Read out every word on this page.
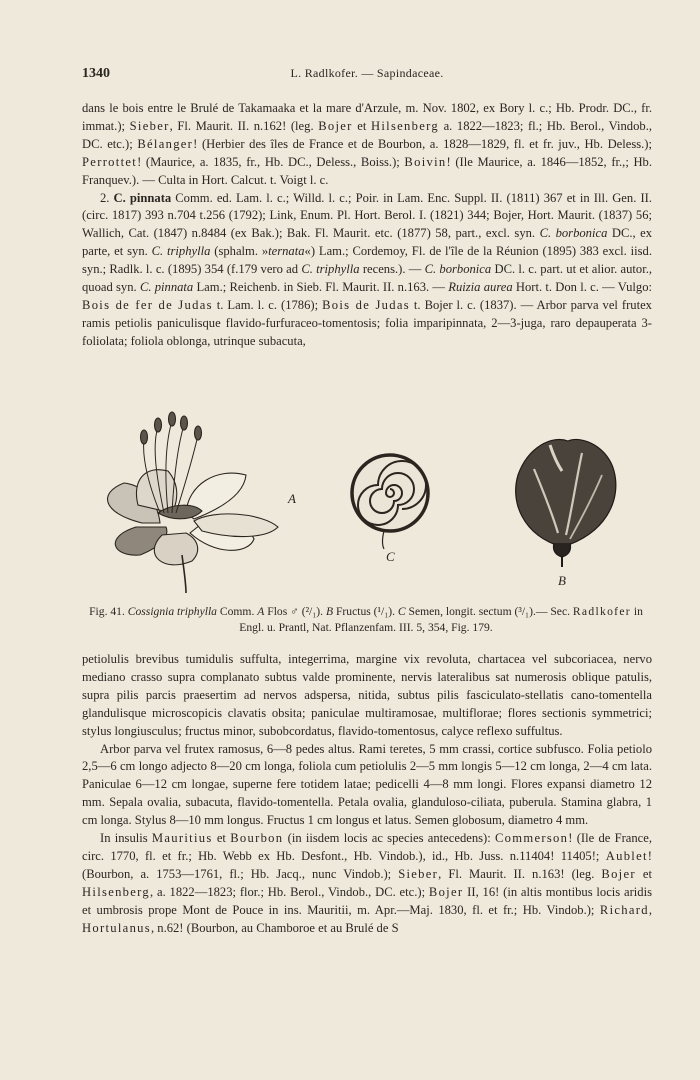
1340	L. Radlkofer. — Sapindaceae.

dans le bois entre le Brulé de Takamaaka et la mare d'Arzule, m. Nov. 1802, ex Bory l. c.; Hb. Prodr. DC., fr. immat.); Sieber, Fl. Maurit. II. n.162! (leg. Bojer et Hilsenberg a. 1822—1823; fl.; Hb. Berol., Vindob., DC. etc.); Bélanger! (Herbier des îles de France et de Bourbon, a. 1828—1829, fl. et fr. juv., Hb. Deless.); Perrottet! (Maurice, a. 1835, fr., Hb. DC., Deless., Boiss.); Boivin! (Ile Maurice, a. 1846—1852, fr.,; Hb. Franquev.). — Culta in Hort. Calcut. t. Voigt l. c.

2. C. pinnata Comm. ed. Lam. l. c.; Willd. l. c.; Poir. in Lam. Enc. Suppl. II. (1811) 367 et in Ill. Gen. II. (circ. 1817) 393 n.704 t.256 (1792); Link, Enum. Pl. Hort. Berol. I. (1821) 344; Bojer, Hort. Maurit. (1837) 56; Wallich, Cat. (1847) n.8484 (ex Bak.); Bak. Fl. Maurit. etc. (1877) 58, part., excl. syn. C. borbonica DC., ex parte, et syn. C. triphylla (sphalm. »ternata«) Lam.; Cordemoy, Fl. de l'île de la Réunion (1895) 383 excl. iisd. syn.; Radlk. l. c. (1895) 354 (f.179 vero ad C. triphylla recens.). — C. borbonica DC. l. c. part. ut et alior. autor., quoad syn. C. pinnata Lam.; Reichenb. in Sieb. Fl. Maurit. II. n.163. — Ruizia aurea Hort. t. Don l. c. — Vulgo: Bois de fer de Judas t. Lam. l. c. (1786); Bois de Judas t. Bojer l. c. (1837). — Arbor parva vel frutex ramis petiolis paniculisque flavido-furfuraceo-tomentosis; folia imparipinnata, 2—3-juga, raro depauperata 3-foliolata; foliola oblonga, utrinque subacuta,

A
C
B
Fig. 41. Cossignia triphylla Comm. A Flos ♂ (²/₁). B Fructus (¹/₁). C Semen, longit. sectum (³/₁).— Sec. Radlkofer in Engl. u. Prantl, Nat. Pflanzenfam. III. 5, 354, Fig. 179.

petiolulis brevibus tumidulis suffulta, integerrima, margine vix revoluta, chartacea vel subcoriacea, nervo mediano crasso supra complanato subtus valde prominente, nervis lateralibus sat numerosis oblique patulis, supra pilis parcis praesertim ad nervos adspersa, nitida, subtus pilis fasciculato-stellatis cano-tomentella glandulisque microscopicis clavatis obsita; paniculae multiramosae, multiflorae; flores sectionis symmetrici; stylus longiusculus; fructus minor, subobcordatus, flavido-tomentosus, calyce reflexo suffultus.

Arbor parva vel frutex ramosus, 6—8 pedes altus. Rami teretes, 5 mm crassi, cortice subfusco. Folia petiolo 2,5—6 cm longo adjecto 8—20 cm longa, foliola cum petiolulis 2—5 mm longis 5—12 cm longa, 2—4 cm lata. Paniculae 6—12 cm longae, superne fere totidem latae; pedicelli 4—8 mm longi. Flores expansi diametro 12 mm. Sepala ovalia, subacuta, flavido-tomentella. Petala ovalia, glanduloso-ciliata, puberula. Stamina glabra, 1 cm longa. Stylus 8—10 mm longus. Fructus 1 cm longus et latus. Semen globosum, diametro 4 mm.

In insulis Mauritius et Bourbon (in iisdem locis ac species antecedens): Commerson! (Ile de France, circ. 1770, fl. et fr.; Hb. Webb ex Hb. Desfont., Hb. Vindob.), id., Hb. Juss. n.11404! 11405!; Aublet! (Bourbon, a. 1753—1761, fl.; Hb. Jacq., nunc Vindob.); Sieber, Fl. Maurit. II. n.163! (leg. Bojer et Hilsenberg, a. 1822—1823; flor.; Hb. Berol., Vindob., DC. etc.); Bojer II, 16! (in altis montibus locis aridis et umbrosis prope Mont de Pouce in ins. Mauritii, m. Apr.—Maj. 1830, fl. et fr.; Hb. Vindob.); Richard, Hortulanus, n.62! (Bourbon, au Chamboroe et au Brulé de S
